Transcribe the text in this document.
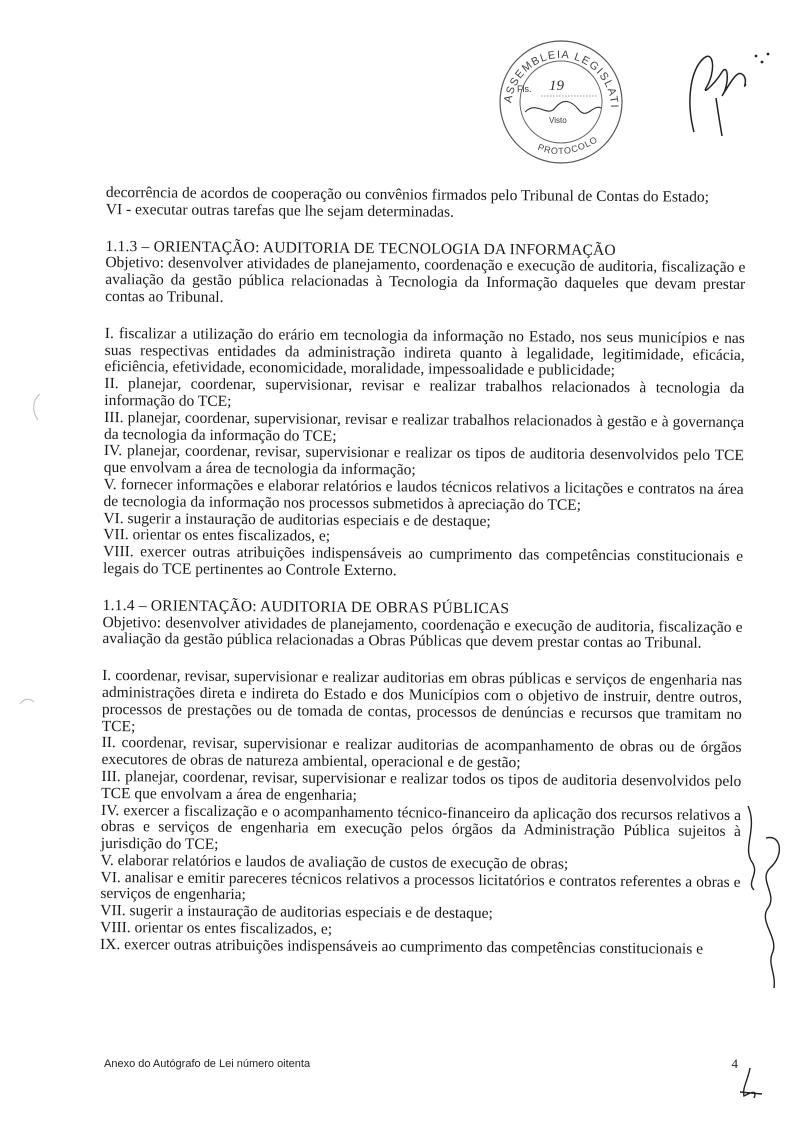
ASSEMBLEIA LEGISLATI
PROTOCOLO
Fls. 19
Visto

decorrência de acordos de cooperação ou convênios firmados pelo Tribunal de Contas do Estado;

VI - executar outras tarefas que lhe sejam determinadas.

1.1.3 – ORIENTAÇÃO: AUDITORIA DE TECNOLOGIA DA INFORMAÇÃO

Objetivo: desenvolver atividades de planejamento, coordenação e execução de auditoria, fiscalização e avaliação da gestão pública relacionadas à Tecnologia da Informação daqueles que devam prestar contas ao Tribunal.

I. fiscalizar a utilização do erário em tecnologia da informação no Estado, nos seus municípios e nas suas respectivas entidades da administração indireta quanto à legalidade, legitimidade, eficácia, eficiência, efetividade, economicidade, moralidade, impessoalidade e publicidade;

II. planejar, coordenar, supervisionar, revisar e realizar trabalhos relacionados à tecnologia da informação do TCE;

III. planejar, coordenar, supervisionar, revisar e realizar trabalhos relacionados à gestão e à governança da tecnologia da informação do TCE;

IV. planejar, coordenar, revisar, supervisionar e realizar os tipos de auditoria desenvolvidos pelo TCE que envolvam a área de tecnologia da informação;

V. fornecer informações e elaborar relatórios e laudos técnicos relativos a licitações e contratos na área de tecnologia da informação nos processos submetidos à apreciação do TCE;

VI. sugerir a instauração de auditorias especiais e de destaque;

VII. orientar os entes fiscalizados, e;

VIII. exercer outras atribuições indispensáveis ao cumprimento das competências constitucionais e legais do TCE pertinentes ao Controle Externo.

1.1.4 – ORIENTAÇÃO: AUDITORIA DE OBRAS PÚBLICAS

Objetivo: desenvolver atividades de planejamento, coordenação e execução de auditoria, fiscalização e avaliação da gestão pública relacionadas a Obras Públicas que devem prestar contas ao Tribunal.

I. coordenar, revisar, supervisionar e realizar auditorias em obras públicas e serviços de engenharia nas administrações direta e indireta do Estado e dos Municípios com o objetivo de instruir, dentre outros, processos de prestações ou de tomada de contas, processos de denúncias e recursos que tramitam no TCE;

II. coordenar, revisar, supervisionar e realizar auditorias de acompanhamento de obras ou de órgãos executores de obras de natureza ambiental, operacional e de gestão;

III. planejar, coordenar, revisar, supervisionar e realizar todos os tipos de auditoria desenvolvidos pelo TCE que envolvam a área de engenharia;

IV. exercer a fiscalização e o acompanhamento técnico-financeiro da aplicação dos recursos relativos a obras e serviços de engenharia em execução pelos órgãos da Administração Pública sujeitos à jurisdição do TCE;

V. elaborar relatórios e laudos de avaliação de custos de execução de obras;

VI. analisar e emitir pareceres técnicos relativos a processos licitatórios e contratos referentes a obras e serviços de engenharia;

VII. sugerir a instauração de auditorias especiais e de destaque;

VIII. orientar os entes fiscalizados, e;

IX. exercer outras atribuições indispensáveis ao cumprimento das competências constitucionais e

Anexo do Autógrafo de Lei número oitenta	4
